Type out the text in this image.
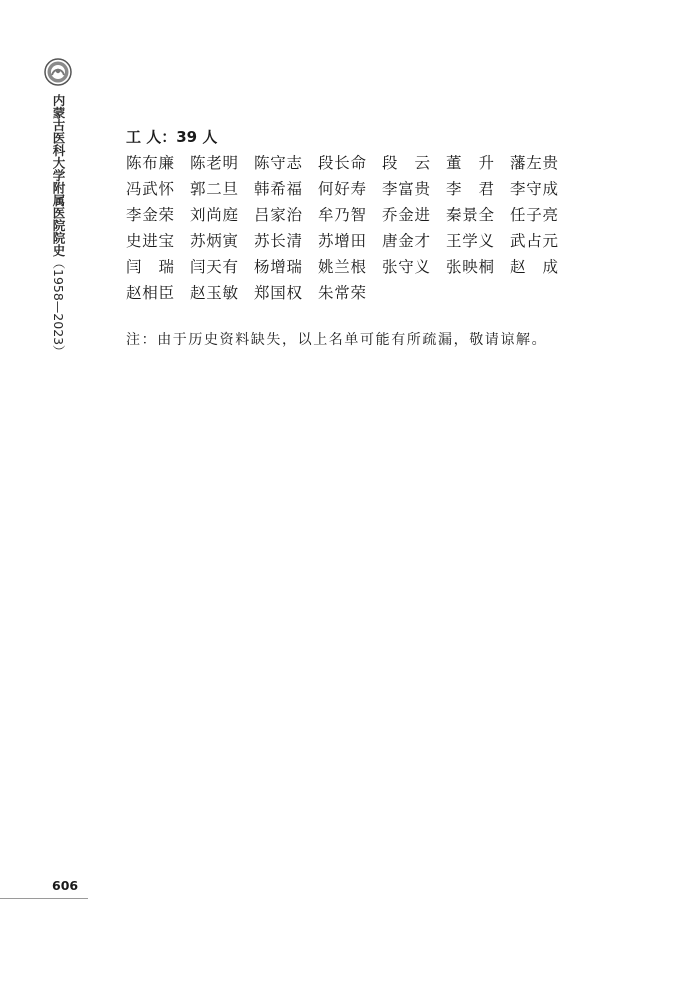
内蒙古医科大学附属医院院史（1958—2023）
工 人：39 人
陈布廉	陈老明	陈守志	段长命	段云	董升	藩左贵
冯武怀	郭二旦	韩希福	何好寿	李富贵	李君	李守成
李金荣	刘尚庭	吕家治	牟乃智	乔金进	秦景全	任子亮
史进宝	苏炳寅	苏长清	苏增田	唐金才	王学义	武占元
闫瑞	闫天有	杨增瑞	姚兰根	张守义	张映桐	赵成
赵相臣	赵玉敏	郑国权	朱常荣
注：由于历史资料缺失，以上名单可能有所疏漏，敬请谅解。
606
